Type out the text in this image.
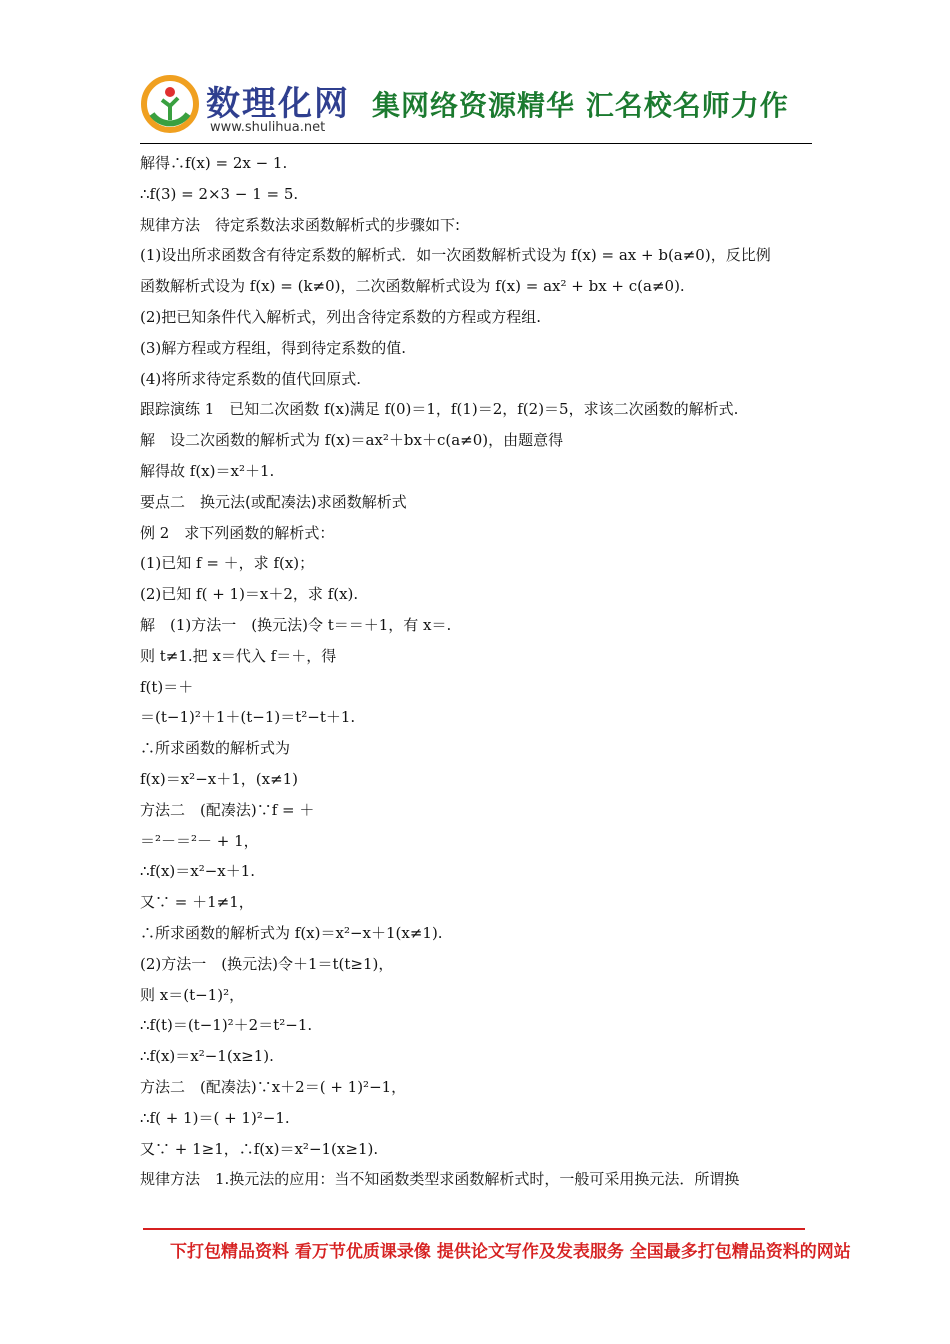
数理化网
www.shulihua.net
集网络资源精华 汇名校名师力作
解得∴f(x) = 2x − 1.
∴f(3) = 2×3 − 1 = 5.
规律方法　待定系数法求函数解析式的步骤如下:
(1)设出所求函数含有待定系数的解析式．如一次函数解析式设为 f(x) = ax + b(a≠0)，反比例
函数解析式设为 f(x) = (k≠0)，二次函数解析式设为 f(x) = ax² + bx + c(a≠0).
(2)把已知条件代入解析式，列出含待定系数的方程或方程组.
(3)解方程或方程组，得到待定系数的值.
(4)将所求待定系数的值代回原式.
跟踪演练 1　已知二次函数 f(x)满足 f(0)＝1，f(1)＝2，f(2)＝5，求该二次函数的解析式.
解　设二次函数的解析式为 f(x)＝ax²＋bx＋c(a≠0)，由题意得
解得故 f(x)＝x²＋1.
要点二　换元法(或配凑法)求函数解析式
例 2　求下列函数的解析式：
(1)已知 f = ＋，求 f(x)；
(2)已知 f( + 1)＝x＋2，求 f(x).
解　(1)方法一　(换元法)令 t＝＝＋1，有 x＝.
则 t≠1.把 x＝代入 f＝＋，得
f(t)＝＋
＝(t−1)²＋1＋(t−1)＝t²−t＋1.
∴所求函数的解析式为
f(x)＝x²−x＋1，(x≠1)
方法二　(配凑法)∵f = ＋
＝²－＝²－ + 1，
∴f(x)＝x²−x＋1.
又∵ = ＋1≠1，
∴所求函数的解析式为 f(x)＝x²−x＋1(x≠1).
(2)方法一　(换元法)令＋1＝t(t≥1)，
则 x＝(t−1)²，
∴f(t)＝(t−1)²＋2＝t²−1.
∴f(x)＝x²−1(x≥1).
方法二　(配凑法)∵x＋2＝( + 1)²−1，
∴f( + 1)＝( + 1)²−1.
又∵ + 1≥1，∴f(x)＝x²−1(x≥1).
规律方法　1.换元法的应用：当不知函数类型求函数解析式时，一般可采用换元法．所谓换
下打包精品资料 看万节优质课录像 提供论文写作及发表服务 全国最多打包精品资料的网站
